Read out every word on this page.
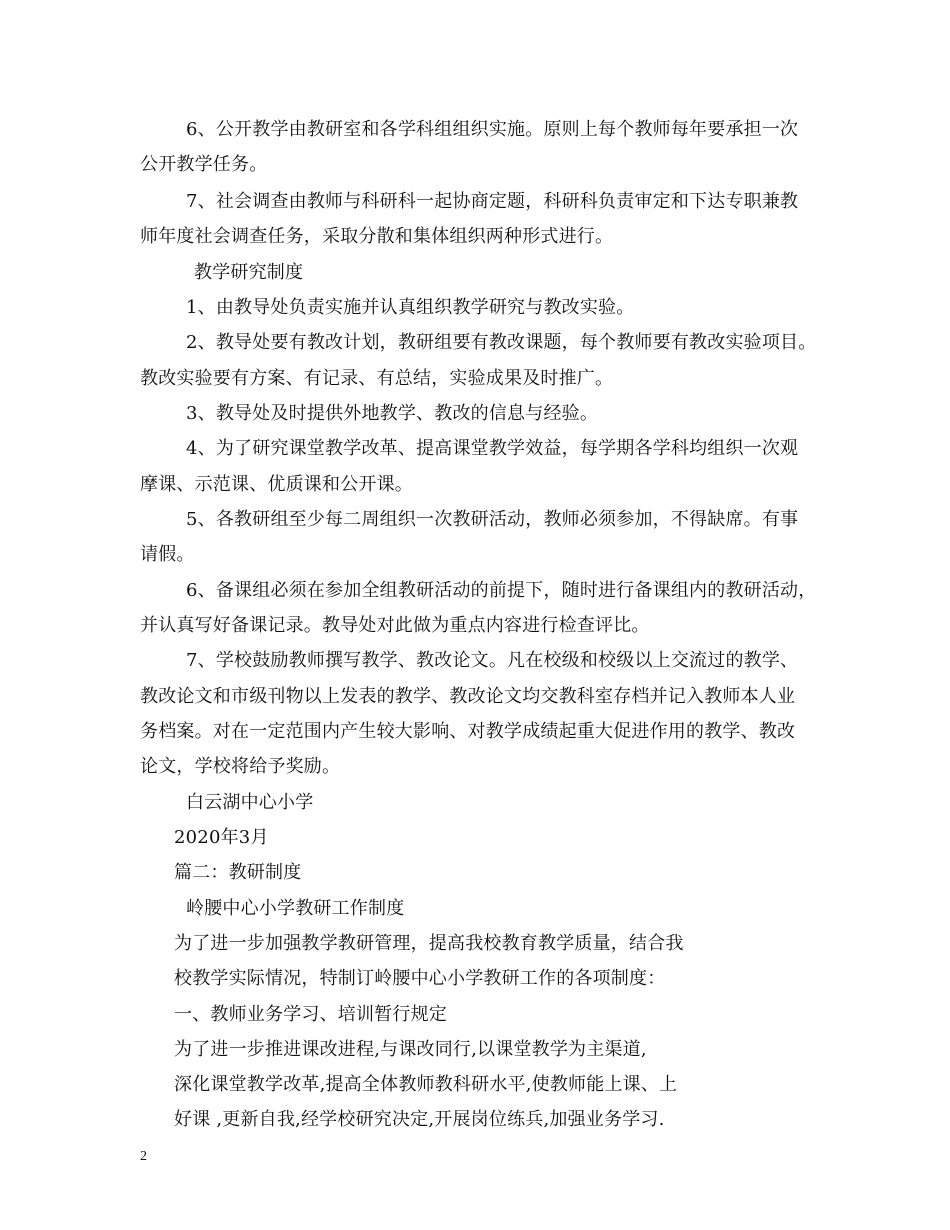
6、公开教学由教研室和各学科组组织实施。原则上每个教师每年要承担一次
公开教学任务。
7、社会调查由教师与科研科一起协商定题，科研科负责审定和下达专职兼教
师年度社会调查任务，采取分散和集体组织两种形式进行。
教学研究制度
1、由教导处负责实施并认真组织教学研究与教改实验。
2、教导处要有教改计划，教研组要有教改课题，每个教师要有教改实验项目。
教改实验要有方案、有记录、有总结，实验成果及时推广。
3、教导处及时提供外地教学、教改的信息与经验。
4、为了研究课堂教学改革、提高课堂教学效益，每学期各学科均组织一次观
摩课、示范课、优质课和公开课。
5、各教研组至少每二周组织一次教研活动，教师必须参加，不得缺席。有事
请假。
6、备课组必须在参加全组教研活动的前提下，随时进行备课组内的教研活动，
并认真写好备课记录。教导处对此做为重点内容进行检查评比。
7、学校鼓励教师撰写教学、教改论文。凡在校级和校级以上交流过的教学、
教改论文和市级刊物以上发表的教学、教改论文均交教科室存档并记入教师本人业
务档案。对在一定范围内产生较大影响、对教学成绩起重大促进作用的教学、教改
论文，学校将给予奖励。
白云湖中心小学
2020年3月
篇二：教研制度
岭腰中心小学教研工作制度
为了进一步加强教学教研管理，提高我校教育教学质量，结合我
校教学实际情况，特制订岭腰中心小学教研工作的各项制度：
一、教师业务学习、培训暂行规定
为了进一步推进课改进程,与课改同行,以课堂教学为主渠道,
深化课堂教学改革,提高全体教师教科研水平,使教师能上课、上
好课 ,更新自我,经学校研究决定,开展岗位练兵,加强业务学习.
2
